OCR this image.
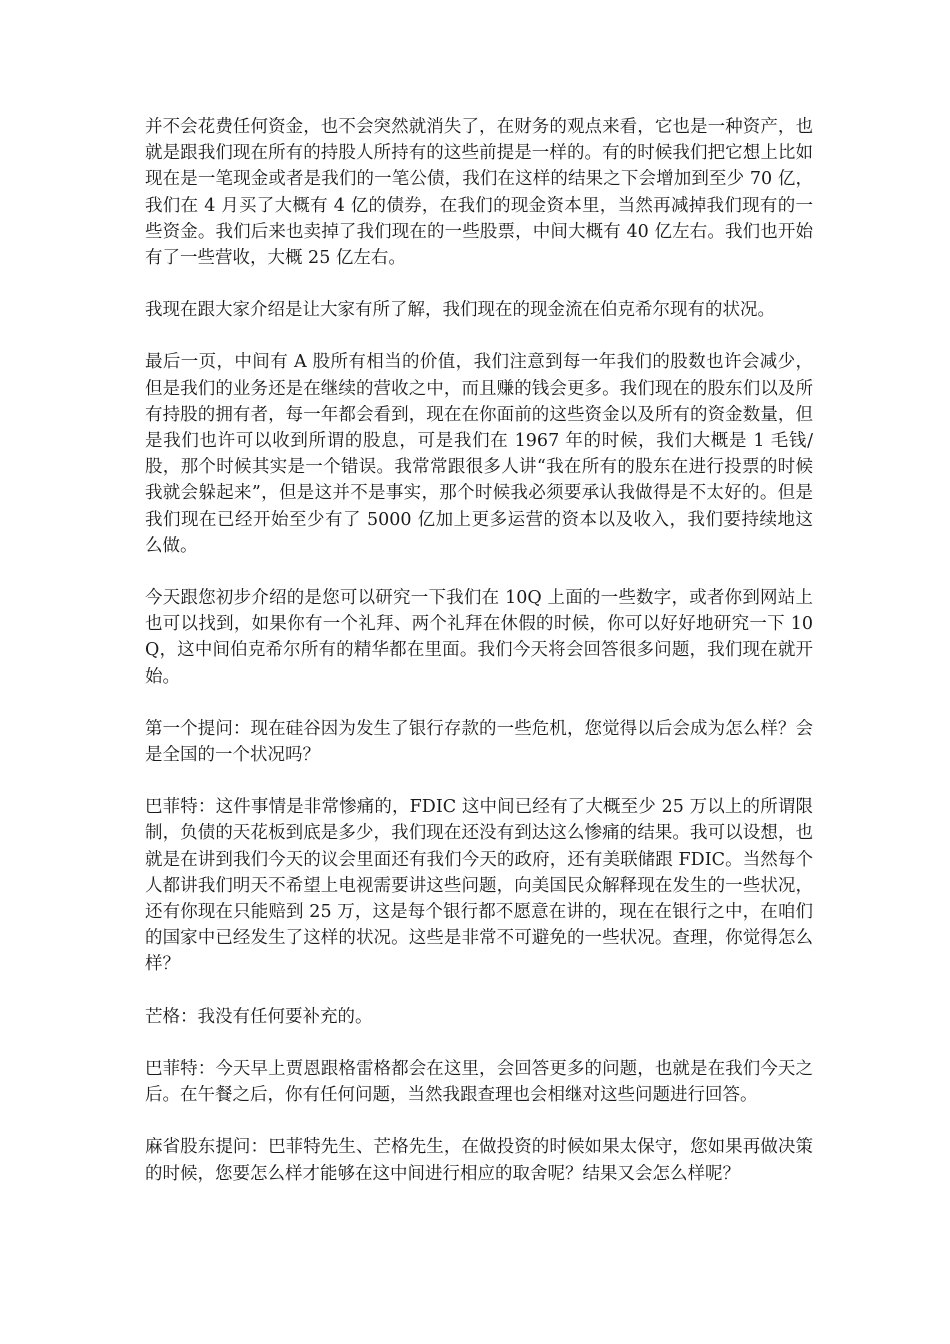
并不会花费任何资金，也不会突然就消失了，在财务的观点来看，它也是一种资产，也就是跟我们现在所有的持股人所持有的这些前提是一样的。有的时候我们把它想上比如现在是一笔现金或者是我们的一笔公债，我们在这样的结果之下会增加到至少 70 亿，我们在 4 月买了大概有 4 亿的债券，在我们的现金资本里，当然再减掉我们现有的一些资金。我们后来也卖掉了我们现在的一些股票，中间大概有 40 亿左右。我们也开始有了一些营收，大概 25 亿左右。

我现在跟大家介绍是让大家有所了解，我们现在的现金流在伯克希尔现有的状况。

最后一页，中间有 A 股所有相当的价值，我们注意到每一年我们的股数也许会减少，但是我们的业务还是在继续的营收之中，而且赚的钱会更多。我们现在的股东们以及所有持股的拥有者，每一年都会看到，现在在你面前的这些资金以及所有的资金数量，但是我们也许可以收到所谓的股息，可是我们在 1967 年的时候，我们大概是 1 毛钱/股，那个时候其实是一个错误。我常常跟很多人讲“我在所有的股东在进行投票的时候我就会躲起来”，但是这并不是事实，那个时候我必须要承认我做得是不太好的。但是我们现在已经开始至少有了 5000 亿加上更多运营的资本以及收入，我们要持续地这么做。

今天跟您初步介绍的是您可以研究一下我们在 10Q 上面的一些数字，或者你到网站上也可以找到，如果你有一个礼拜、两个礼拜在休假的时候，你可以好好地研究一下 10Q，这中间伯克希尔所有的精华都在里面。我们今天将会回答很多问题，我们现在就开始。

第一个提问：现在硅谷因为发生了银行存款的一些危机，您觉得以后会成为怎么样？会是全国的一个状况吗？

巴菲特：这件事情是非常惨痛的，FDIC 这中间已经有了大概至少 25 万以上的所谓限制，负债的天花板到底是多少，我们现在还没有到达这么惨痛的结果。我可以设想，也就是在讲到我们今天的议会里面还有我们今天的政府，还有美联储跟 FDIC。当然每个人都讲我们明天不希望上电视需要讲这些问题，向美国民众解释现在发生的一些状况，还有你现在只能赔到 25 万，这是每个银行都不愿意在讲的，现在在银行之中，在咱们的国家中已经发生了这样的状况。这些是非常不可避免的一些状况。查理，你觉得怎么样？

芒格：我没有任何要补充的。

巴菲特：今天早上贾恩跟格雷格都会在这里，会回答更多的问题，也就是在我们今天之后。在午餐之后，你有任何问题，当然我跟查理也会相继对这些问题进行回答。

麻省股东提问：巴菲特先生、芒格先生，在做投资的时候如果太保守，您如果再做决策的时候，您要怎么样才能够在这中间进行相应的取舍呢？结果又会怎么样呢？
